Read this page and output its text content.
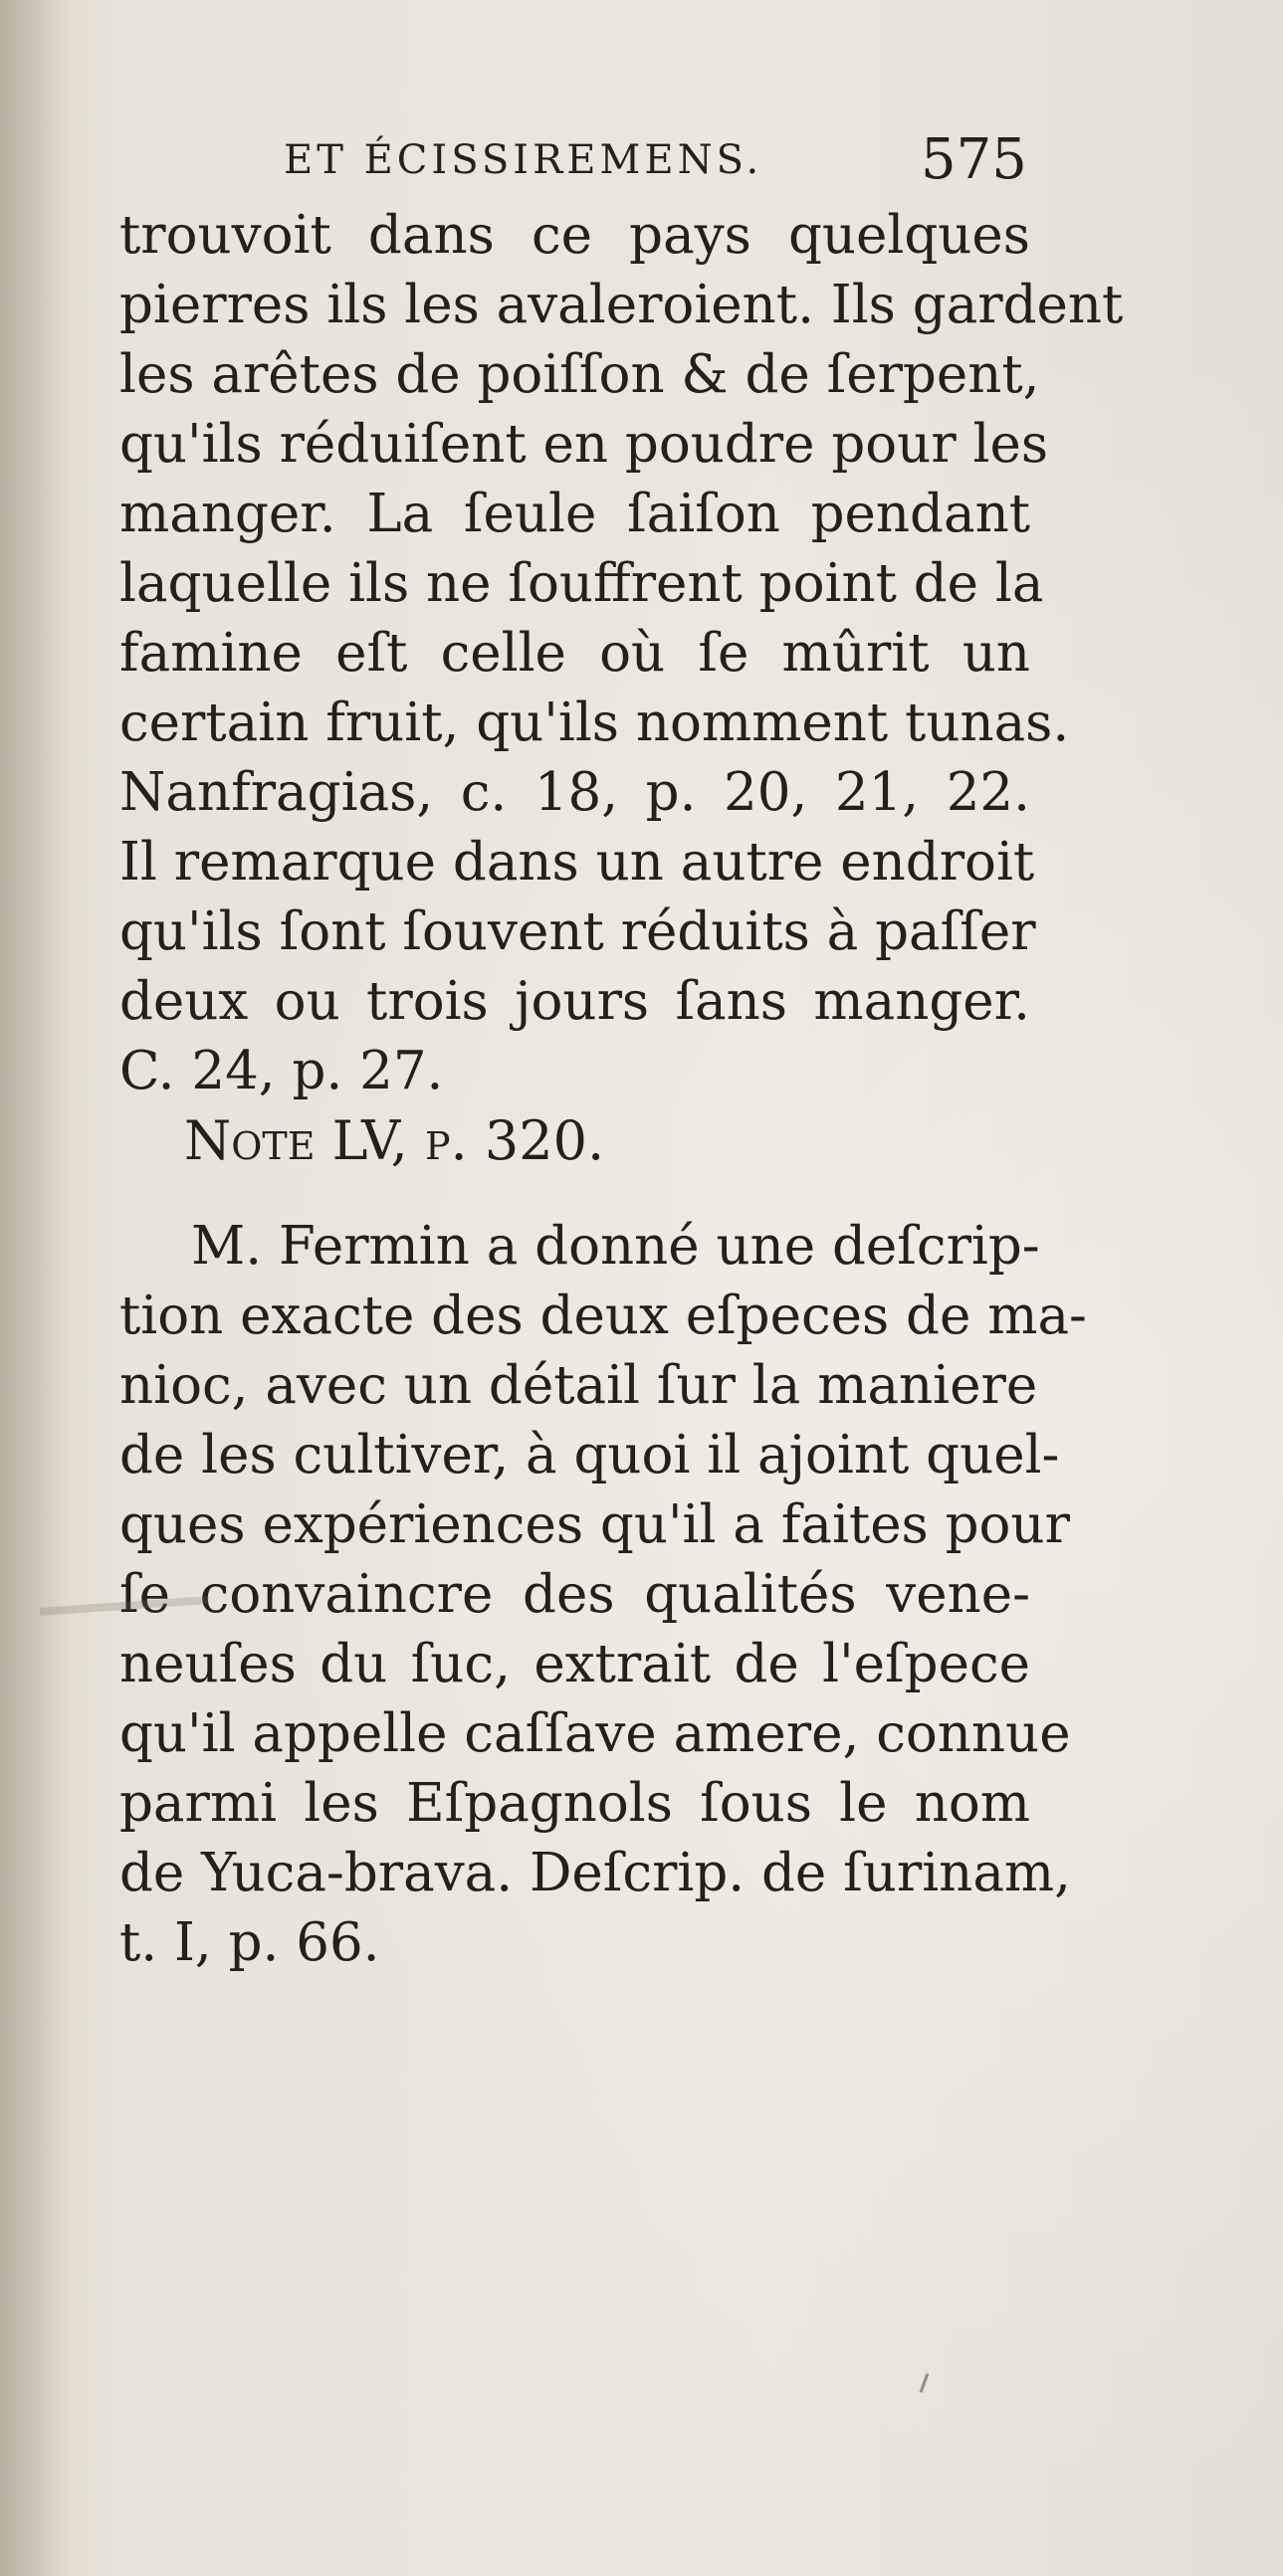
ET ÉCISSIREMENS.	575
trouvoit dans ce pays quelques
pierres ils les avaleroient. Ils gardent
les arêtes de poiſſon & de ſerpent,
qu'ils réduiſent en poudre pour les
manger. La ſeule ſaiſon pendant
laquelle ils ne ſouffrent point de la
famine eſt celle où ſe mûrit un
certain fruit, qu'ils nomment tunas.
Nanfragias, c. 18, p. 20, 21, 22.
Il remarque dans un autre endroit
qu'ils ſont ſouvent réduits à paſſer
deux ou trois jours ſans manger.
C. 24, p. 27.
Note LV, p. 320.
M. Fermin a donné une deſcrip-
tion exacte des deux eſpeces de ma-
nioc, avec un détail ſur la maniere
de les cultiver, à quoi il ajoint quel-
ques expériences qu'il a faites pour
ſe convaincre des qualités vene-
neuſes du ſuc, extrait de l'eſpece
qu'il appelle caſſave amere, connue
parmi les Eſpagnols ſous le nom
de Yuca-brava. Deſcrip. de ſurinam,
t. I, p. 66.
